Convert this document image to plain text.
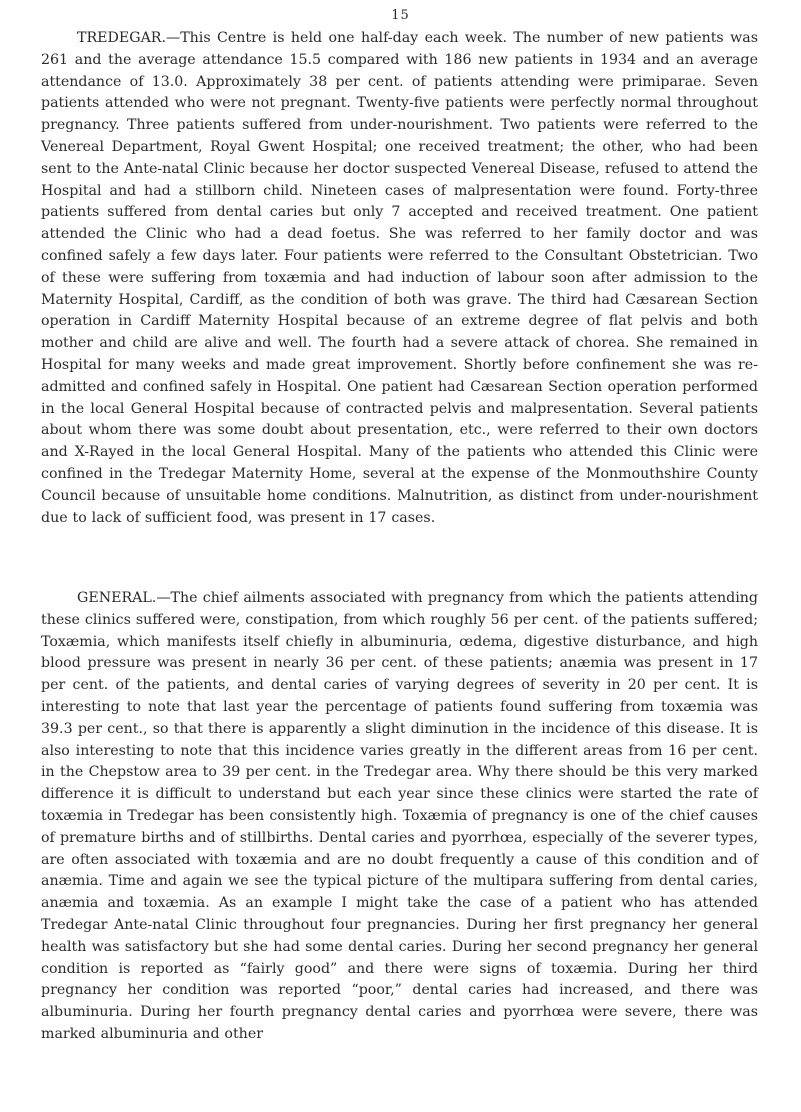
15

TREDEGAR.—This Centre is held one half-day each week. The number of new patients was 261 and the average attendance 15.5 compared with 186 new patients in 1934 and an average attendance of 13.0. Approximately 38 per cent. of patients attending were primiparae. Seven patients attended who were not pregnant. Twenty-five patients were perfectly normal throughout pregnancy. Three patients suffered from under-nourishment. Two patients were referred to the Venereal Department, Royal Gwent Hospital; one received treatment; the other, who had been sent to the Ante-natal Clinic because her doctor suspected Venereal Disease, refused to attend the Hospital and had a stillborn child. Nineteen cases of malpresentation were found. Forty-three patients suffered from dental caries but only 7 accepted and received treatment. One patient attended the Clinic who had a dead foetus. She was referred to her family doctor and was confined safely a few days later. Four patients were referred to the Consultant Obstetrician. Two of these were suffering from toxæmia and had induction of labour soon after admission to the Maternity Hospital, Cardiff, as the condition of both was grave. The third had Cæsarean Section operation in Cardiff Maternity Hospital because of an extreme degree of flat pelvis and both mother and child are alive and well. The fourth had a severe attack of chorea. She remained in Hospital for many weeks and made great improvement. Shortly before confinement she was re-admitted and confined safely in Hospital. One patient had Cæsarean Section operation performed in the local General Hospital because of contracted pelvis and malpresentation. Several patients about whom there was some doubt about presentation, etc., were referred to their own doctors and X-Rayed in the local General Hospital. Many of the patients who attended this Clinic were confined in the Tredegar Maternity Home, several at the expense of the Monmouthshire County Council because of unsuitable home conditions. Malnutrition, as distinct from under-nourishment due to lack of sufficient food, was present in 17 cases.

GENERAL.—The chief ailments associated with pregnancy from which the patients attending these clinics suffered were, constipation, from which roughly 56 per cent. of the patients suffered; Toxæmia, which manifests itself chiefly in albuminuria, œdema, digestive disturbance, and high blood pressure was present in nearly 36 per cent. of these patients; anæmia was present in 17 per cent. of the patients, and dental caries of varying degrees of severity in 20 per cent. It is interesting to note that last year the percentage of patients found suffering from toxæmia was 39.3 per cent., so that there is apparently a slight diminution in the incidence of this disease. It is also interesting to note that this incidence varies greatly in the different areas from 16 per cent. in the Chepstow area to 39 per cent. in the Tredegar area. Why there should be this very marked difference it is difficult to understand but each year since these clinics were started the rate of toxæmia in Tredegar has been consistently high. Toxæmia of pregnancy is one of the chief causes of premature births and of stillbirths. Dental caries and pyorrhœa, especially of the severer types, are often associated with toxæmia and are no doubt frequently a cause of this condition and of anæmia. Time and again we see the typical picture of the multipara suffering from dental caries, anæmia and toxæmia. As an example I might take the case of a patient who has attended Tredegar Ante-natal Clinic throughout four pregnancies. During her first pregnancy her general health was satisfactory but she had some dental caries. During her second pregnancy her general condition is reported as “fairly good” and there were signs of toxæmia. During her third pregnancy her condition was reported “poor,” dental caries had increased, and there was albuminuria. During her fourth pregnancy dental caries and pyorrhœa were severe, there was marked albuminuria and other
